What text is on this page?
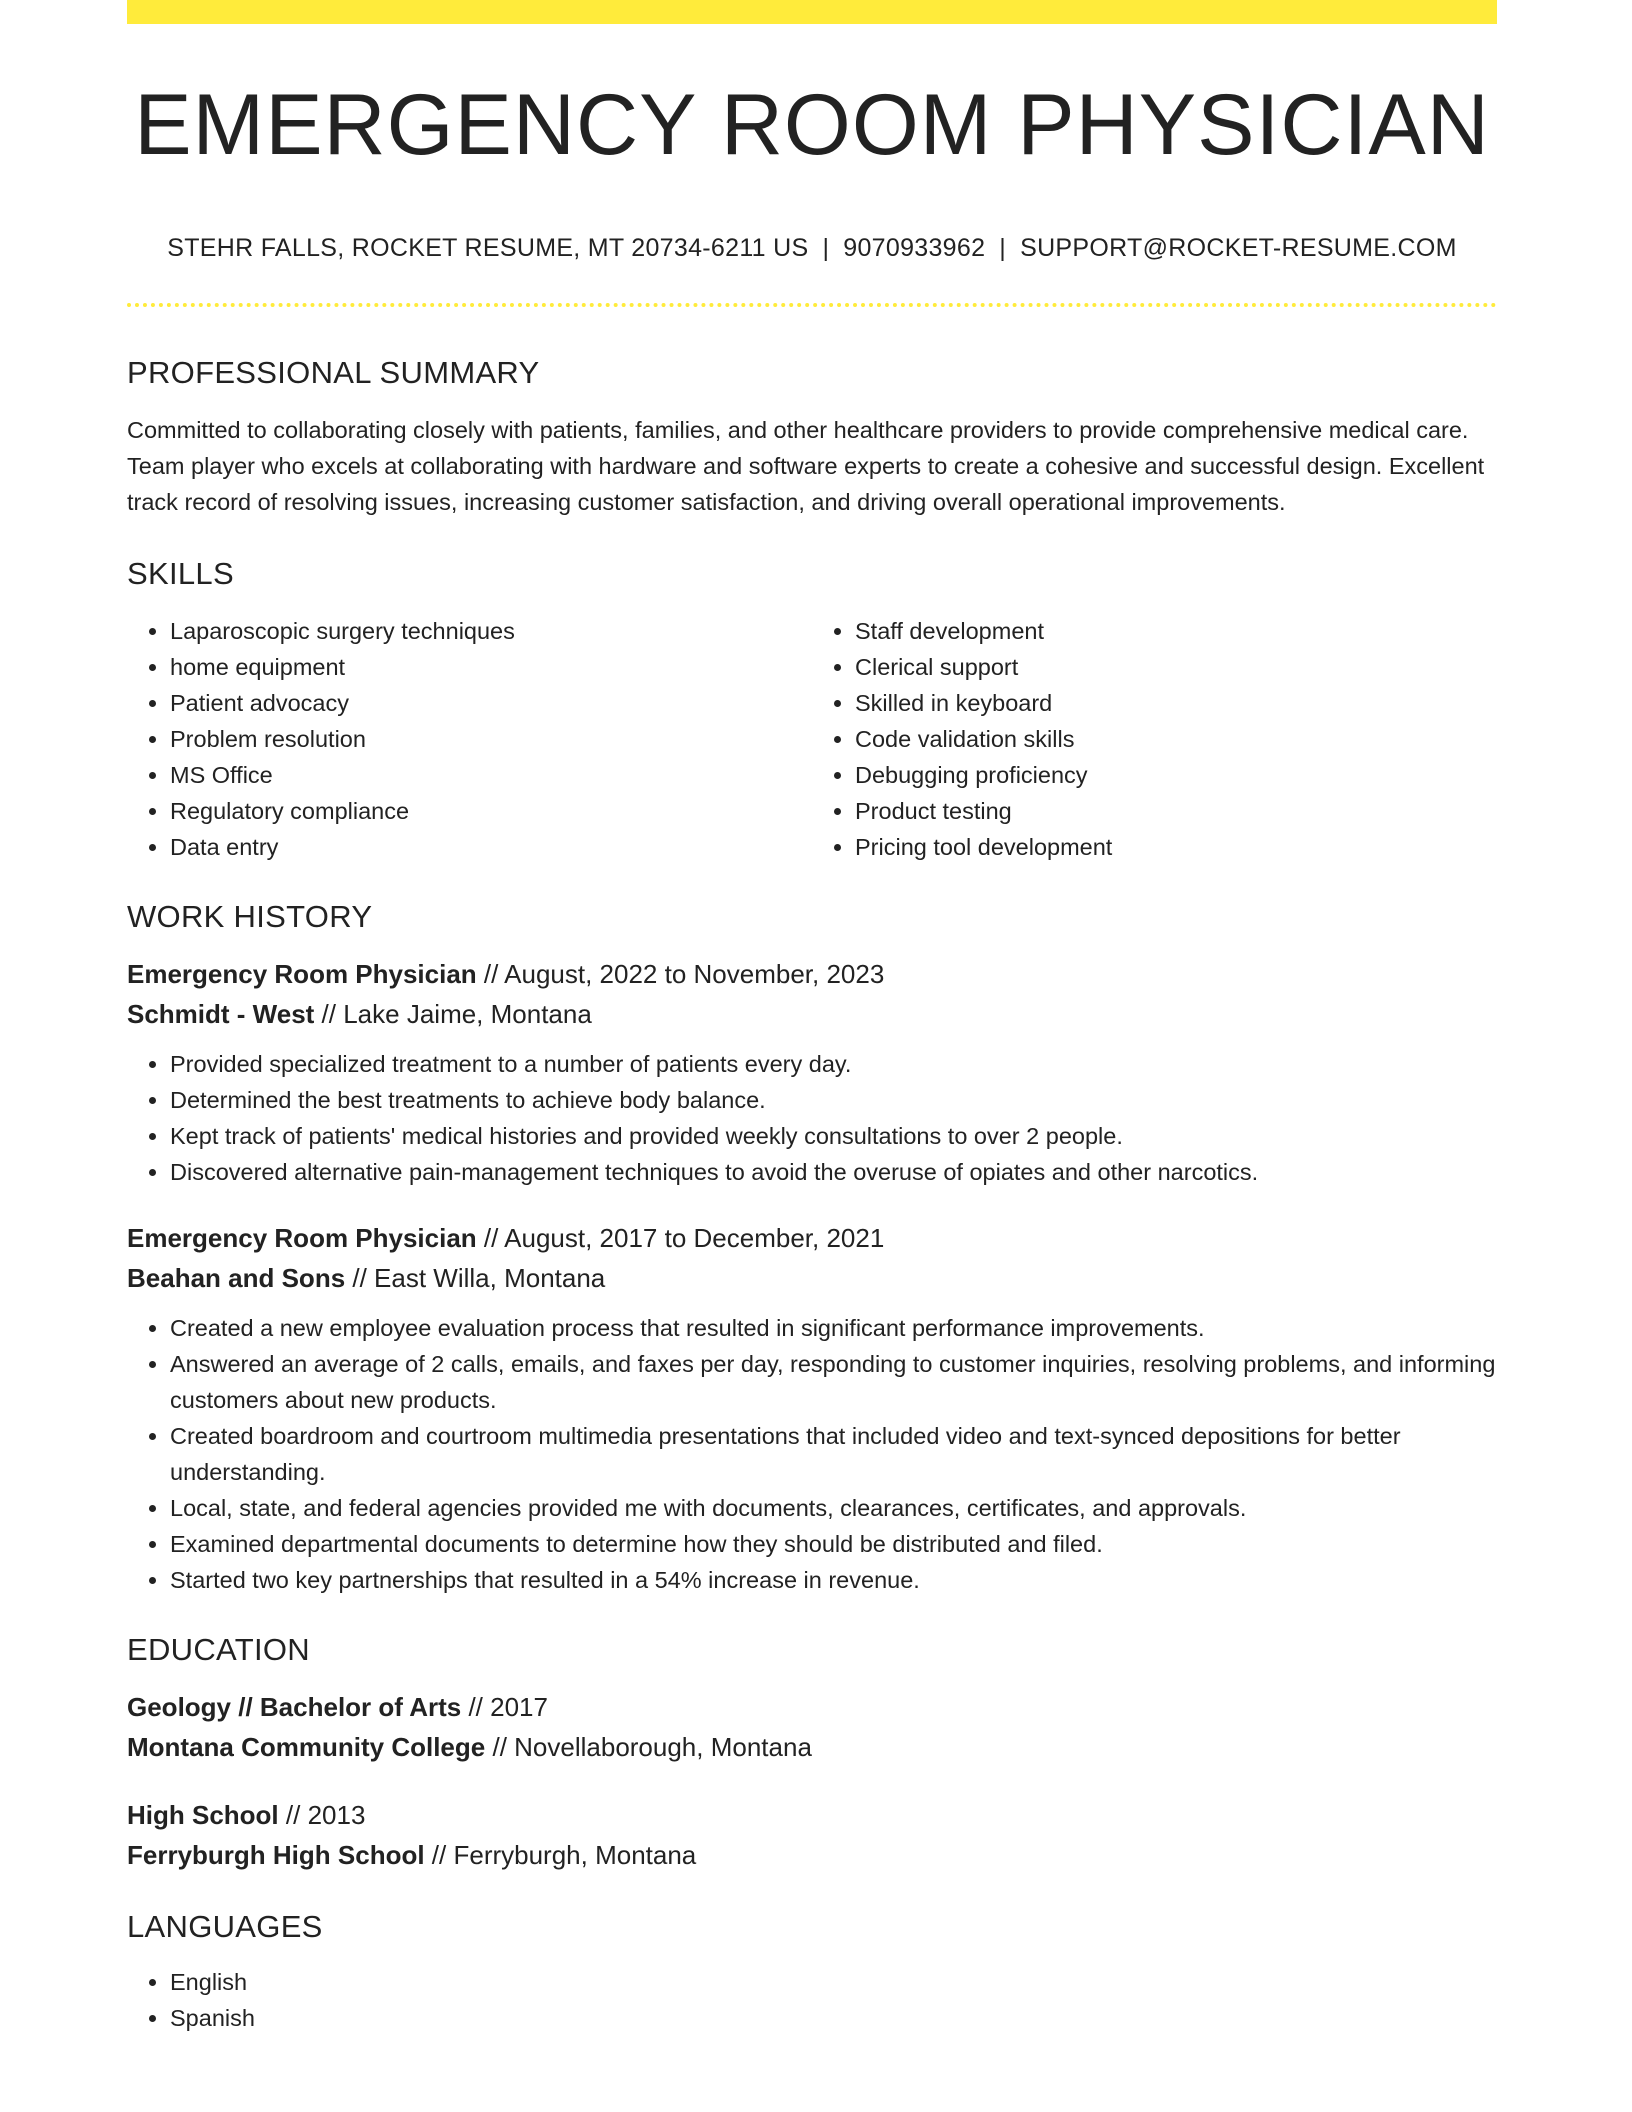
EMERGENCY ROOM PHYSICIAN
STEHR FALLS, ROCKET RESUME, MT 20734-6211 US | 9070933962 | SUPPORT@ROCKET-RESUME.COM
PROFESSIONAL SUMMARY
Committed to collaborating closely with patients, families, and other healthcare providers to provide comprehensive medical care. Team player who excels at collaborating with hardware and software experts to create a cohesive and successful design. Excellent track record of resolving issues, increasing customer satisfaction, and driving overall operational improvements.
SKILLS
• Laparoscopic surgery techniques
• home equipment
• Patient advocacy
• Problem resolution
• MS Office
• Regulatory compliance
• Data entry
• Staff development
• Clerical support
• Skilled in keyboard
• Code validation skills
• Debugging proficiency
• Product testing
• Pricing tool development
WORK HISTORY
Emergency Room Physician // August, 2022 to November, 2023
Schmidt - West // Lake Jaime, Montana
• Provided specialized treatment to a number of patients every day.
• Determined the best treatments to achieve body balance.
• Kept track of patients' medical histories and provided weekly consultations to over 2 people.
• Discovered alternative pain-management techniques to avoid the overuse of opiates and other narcotics.
Emergency Room Physician // August, 2017 to December, 2021
Beahan and Sons // East Willa, Montana
• Created a new employee evaluation process that resulted in significant performance improvements.
• Answered an average of 2 calls, emails, and faxes per day, responding to customer inquiries, resolving problems, and informing customers about new products.
• Created boardroom and courtroom multimedia presentations that included video and text-synced depositions for better understanding.
• Local, state, and federal agencies provided me with documents, clearances, certificates, and approvals.
• Examined departmental documents to determine how they should be distributed and filed.
• Started two key partnerships that resulted in a 54% increase in revenue.
EDUCATION
Geology // Bachelor of Arts // 2017
Montana Community College // Novellaborough, Montana
High School // 2013
Ferryburgh High School // Ferryburgh, Montana
LANGUAGES
• English
• Spanish
